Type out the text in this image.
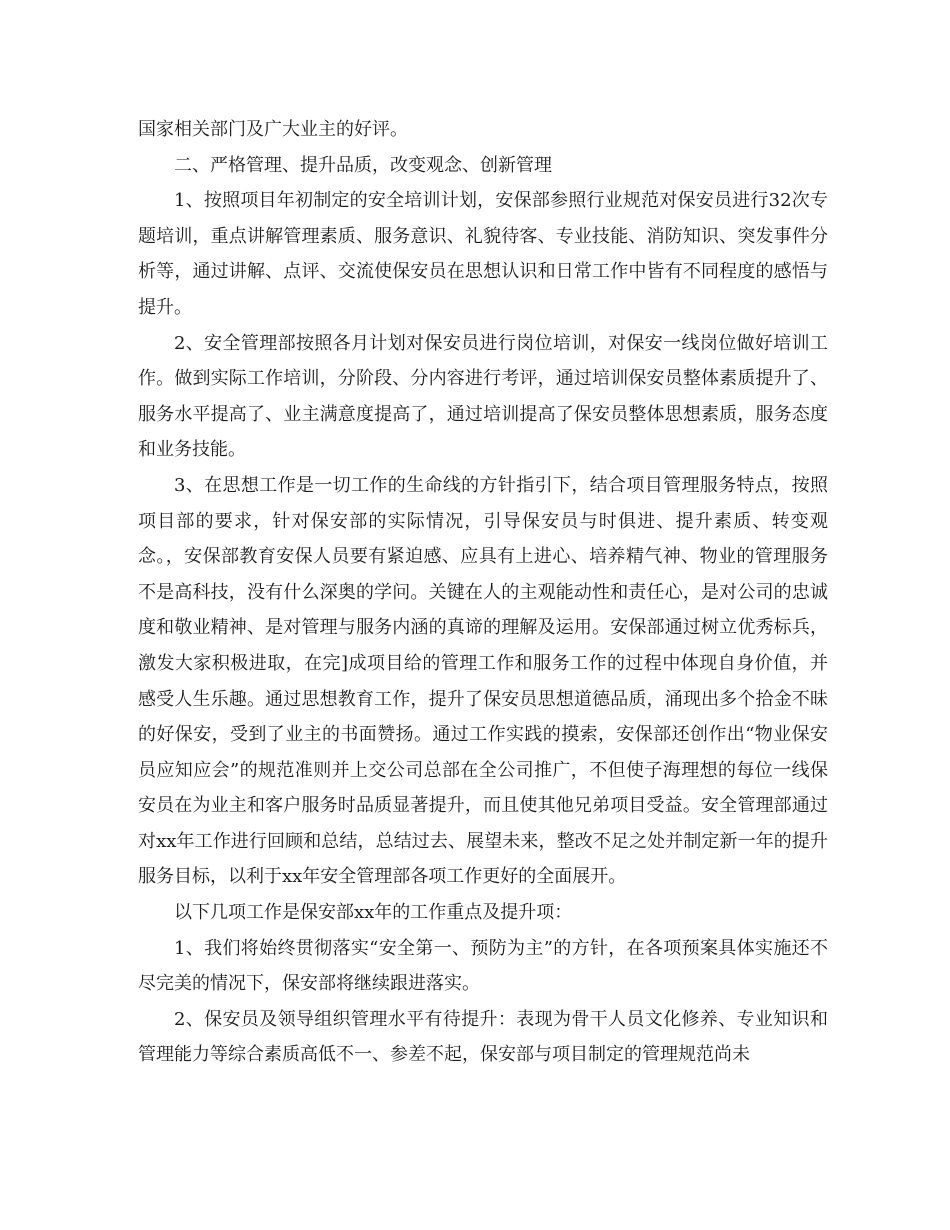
国家相关部门及广大业主的好评。

二、严格管理、提升品质，改变观念、创新管理

1、按照项目年初制定的安全培训计划，安保部参照行业规范对保安员进行32次专题培训，重点讲解管理素质、服务意识、礼貌待客、专业技能、消防知识、突发事件分析等，通过讲解、点评、交流使保安员在思想认识和日常工作中皆有不同程度的感悟与提升。

2、安全管理部按照各月计划对保安员进行岗位培训，对保安一线岗位做好培训工作。做到实际工作培训，分阶段、分内容进行考评，通过培训保安员整体素质提升了、服务水平提高了、业主满意度提高了，通过培训提高了保安员整体思想素质，服务态度和业务技能。

3、在思想工作是一切工作的生命线的方针指引下，结合项目管理服务特点，按照项目部的要求，针对保安部的实际情况，引导保安员与时俱进、提升素质、转变观念。，安保部教育安保人员要有紧迫感、应具有上进心、培养精气神、物业的管理服务不是高科技，没有什么深奥的学问。关键在人的主观能动性和责任心，是对公司的忠诚度和敬业精神、是对管理与服务内涵的真谛的理解及运用。安保部通过树立优秀标兵，激发大家积极进取，在完]成项目给的管理工作和服务工作的过程中体现自身价值，并感受人生乐趣。通过思想教育工作，提升了保安员思想道德品质，涌现出多个拾金不昧的好保安，受到了业主的书面赞扬。通过工作实践的摸索，安保部还创作出“物业保安员应知应会”的规范准则并上交公司总部在全公司推广，不但使子海理想的每位一线保安员在为业主和客户服务时品质显著提升，而且使其他兄弟项目受益。安全管理部通过对xx年工作进行回顾和总结，总结过去、展望未来，整改不足之处并制定新一年的提升服务目标，以利于xx年安全管理部各项工作更好的全面展开。

以下几项工作是保安部xx年的工作重点及提升项：

1、我们将始终贯彻落实“安全第一、预防为主”的方针，在各项预案具体实施还不尽完美的情况下，保安部将继续跟进落实。

2、保安员及领导组织管理水平有待提升：表现为骨干人员文化修养、专业知识和管理能力等综合素质高低不一、参差不起，保安部与项目制定的管理规范尚未
